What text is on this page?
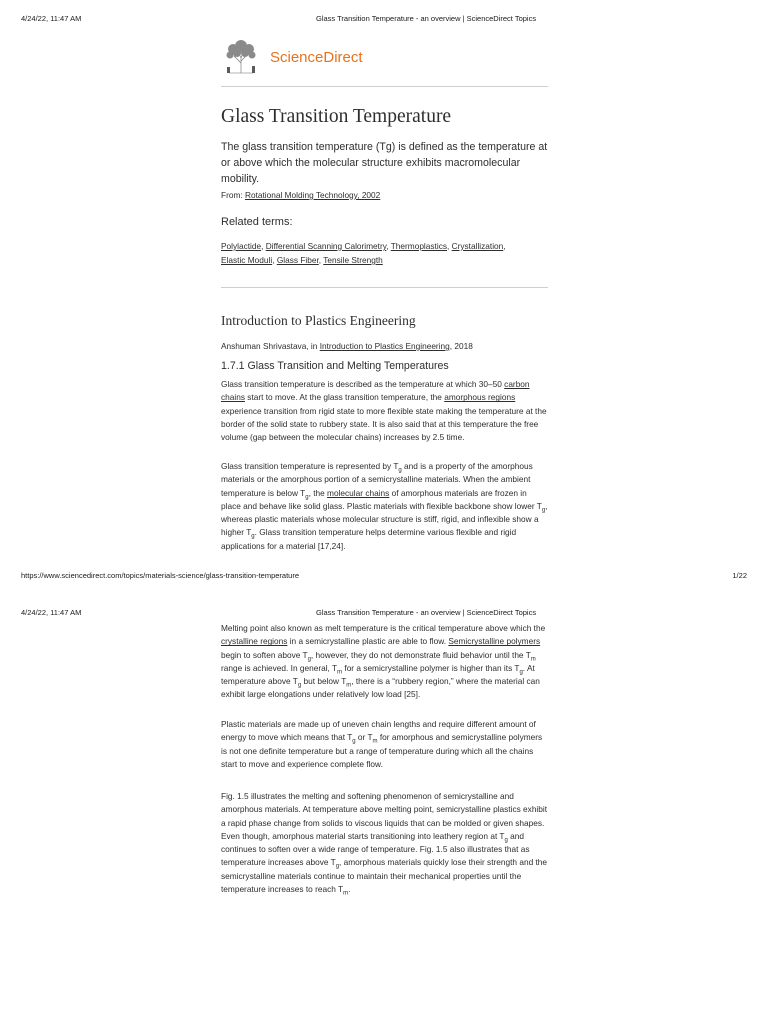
4/24/22, 11:47 AM	Glass Transition Temperature - an overview | ScienceDirect Topics
ScienceDirect
Glass Transition Temperature
The glass transition temperature (Tg) is defined as the temperature at or above which the molecular structure exhibits macromolecular mobility.
From: Rotational Molding Technology, 2002
Related terms:
Polylactide, Differential Scanning Calorimetry, Thermoplastics, Crystallization,
Elastic Moduli, Glass Fiber, Tensile Strength
Introduction to Plastics Engineering
Anshuman Shrivastava, in Introduction to Plastics Engineering, 2018
1.7.1 Glass Transition and Melting Temperatures

Glass transition temperature is described as the temperature at which 30–50 carbon chains start to move. At the glass transition temperature, the amorphous regions experience transition from rigid state to more flexible state making the temperature at the border of the solid state to rubbery state. It is also said that at this temperature the free volume (gap between the molecular chains) increases by 2.5 time.

Glass transition temperature is represented by $T_g$ and is a property of the amorphous materials or the amorphous portion of a semicrystalline materials. When the ambient temperature is below $T_g$, the molecular chains of amorphous materials are frozen in place and behave like solid glass. Plastic materials with flexible backbone show lower $T_g$, whereas plastic materials whose molecular structure is stiff, rigid, and inflexible show a higher $T_g$. Glass transition temperature helps determine various flexible and rigid applications for a material [17,24].

https://www.sciencedirect.com/topics/materials-science/glass-transition-temperature	1/22
4/24/22, 11:47 AM	Glass Transition Temperature - an overview | ScienceDirect Topics

Melting point also known as melt temperature is the critical temperature above which the crystalline regions in a semicrystalline plastic are able to flow. Semicrystalline polymers begin to soften above $T_g$, however, they do not demonstrate fluid behavior until the $T_m$ range is achieved. In general, $T_m$ for a semicrystalline polymer is higher than its $T_g$. At temperature above $T_g$ but below $T_m$, there is a “rubbery region,” where the material can exhibit large elongations under relatively low load [25].

Plastic materials are made up of uneven chain lengths and require different amount of energy to move which means that $T_g$ or $T_m$ for amorphous and semicrystalline polymers is not one definite temperature but a range of temperature during which all the chains start to move and experience complete flow.

Fig. 1.5 illustrates the melting and softening phenomenon of semicrystalline and amorphous materials. At temperature above melting point, semicrystalline plastics exhibit a rapid phase change from solids to viscous liquids that can be molded or given shapes. Even though, amorphous material starts transitioning into leathery region at $T_g$ and continues to soften over a wide range of temperature. Fig. 1.5 also illustrates that as temperature increases above $T_g$, amorphous materials quickly lose their strength and the semicrystalline materials continue to maintain their mechanical properties until the temperature increases to reach $T_m$.
